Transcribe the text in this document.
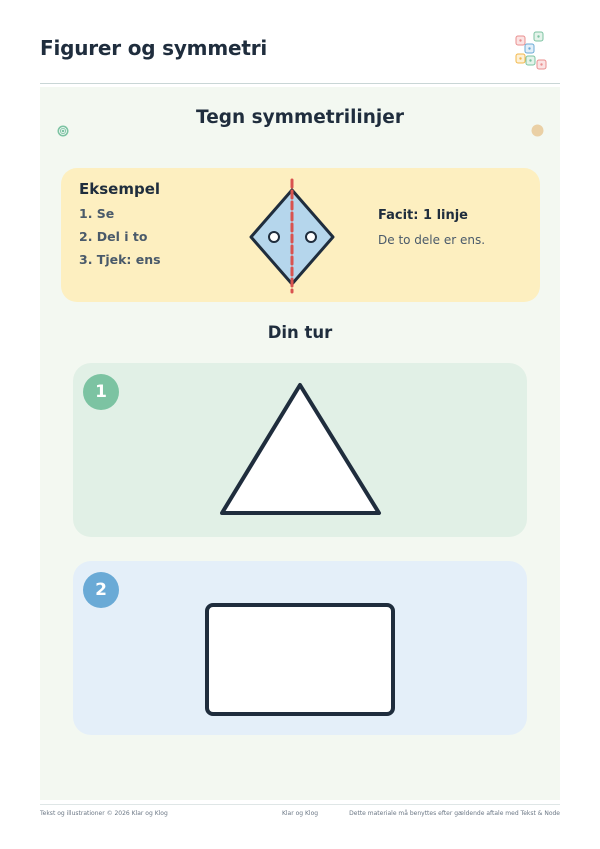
Figurer og symmetri
Tegn symmetrilinjer
Eksempel
1. Se
2. Del i to
3. Tjek: ens
Facit: 1 linje
De to dele er ens.
Din tur
1
2
Tekst og illustrationer © 2026 Klar og Klog	Klar og Klog	Dette materiale må benyttes efter gældende aftale med Tekst & Node
